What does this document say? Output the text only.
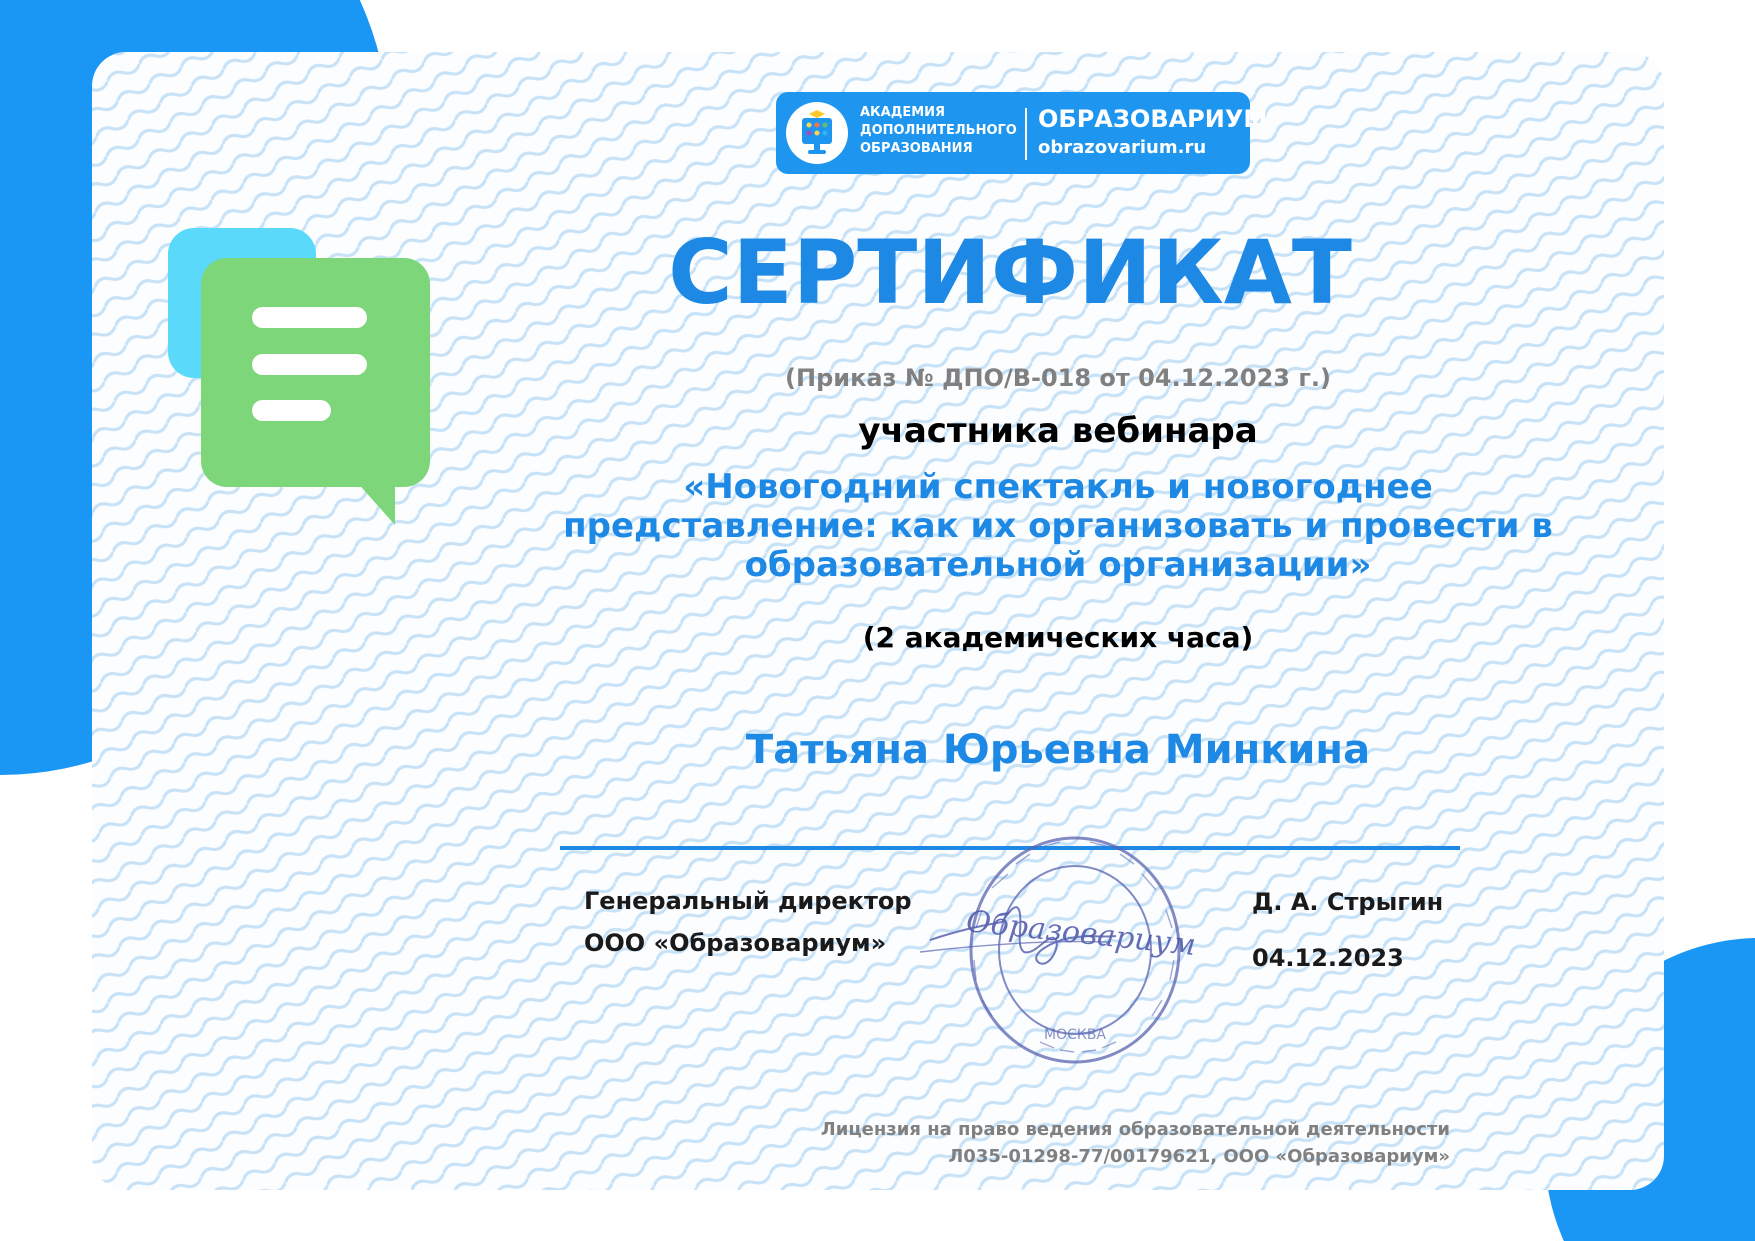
АКАДЕМИЯ
ДОПОЛНИТЕЛЬНОГО
ОБРАЗОВАНИЯ
ОБРАЗОВАРИУМ
obrazovarium.ru
СЕРТИФИКАТ
(Приказ № ДПО/В-018 от 04.12.2023 г.)
участника вебинара
«Новогодний спектакль и новогоднее
представление: как их организовать и провести в
образовательной организации»
(2 академических часа)
Татьяна Юрьевна Минкина
Генеральный директор
ООО «Образовариум»	Образовариум
МОСКВА
Д. А. Стрыгин
04.12.2023
Лицензия на право ведения образовательной деятельности
Л035-01298-77/00179621, ООО «Образовариум»
